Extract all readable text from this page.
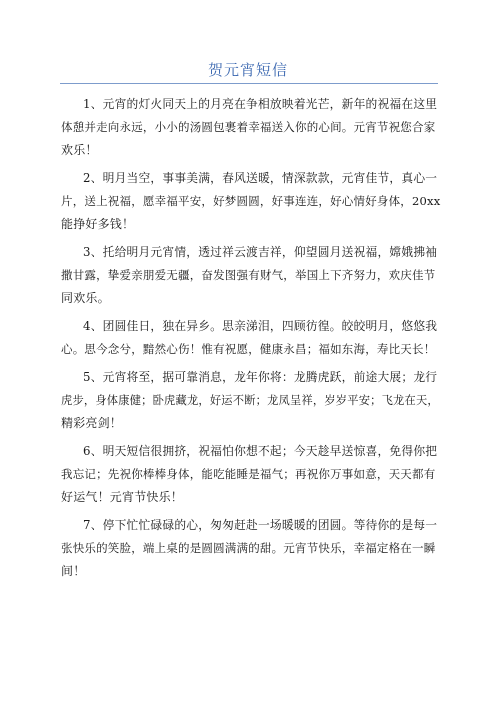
贺元宵短信
1、元宵的灯火同天上的月亮在争相放映着光芒，新年的祝福在这里
体憩并走向永远，小小的汤圆包裹着幸福送入你的心间。元宵节祝您合家
欢乐！
2、明月当空，事事美满，春风送暖，情深款款，元宵佳节，真心一
片，送上祝福，愿幸福平安，好梦圆圆，好事连连，好心情好身体，20xx
能挣好多钱！
3、托给明月元宵情，透过祥云渡吉祥，仰望圆月送祝福，嫦娥拂袖
撒甘露，挚爱亲朋爱无疆，奋发图强有财气，举国上下齐努力，欢庆佳节
同欢乐。
4、团圆佳日，独在异乡。思亲涕泪，四顾彷徨。皎皎明月，悠悠我
心。思今念兮，黯然心伤！惟有祝愿，健康永昌；福如东海，寿比天长！
5、元宵将至，据可靠消息，龙年你将：龙腾虎跃，前途大展；龙行
虎步，身体康健；卧虎藏龙，好运不断；龙凤呈祥，岁岁平安；飞龙在天，
精彩亮剑！
6、明天短信很拥挤，祝福怕你想不起；今天趁早送惊喜，免得你把
我忘记；先祝你棒棒身体，能吃能睡是福气；再祝你万事如意，天天都有
好运气！元宵节快乐！
7、停下忙忙碌碌的心，匆匆赶赴一场暖暖的团圆。等待你的是每一
张快乐的笑脸，端上桌的是圆圆满满的甜。元宵节快乐，幸福定格在一瞬
间！
